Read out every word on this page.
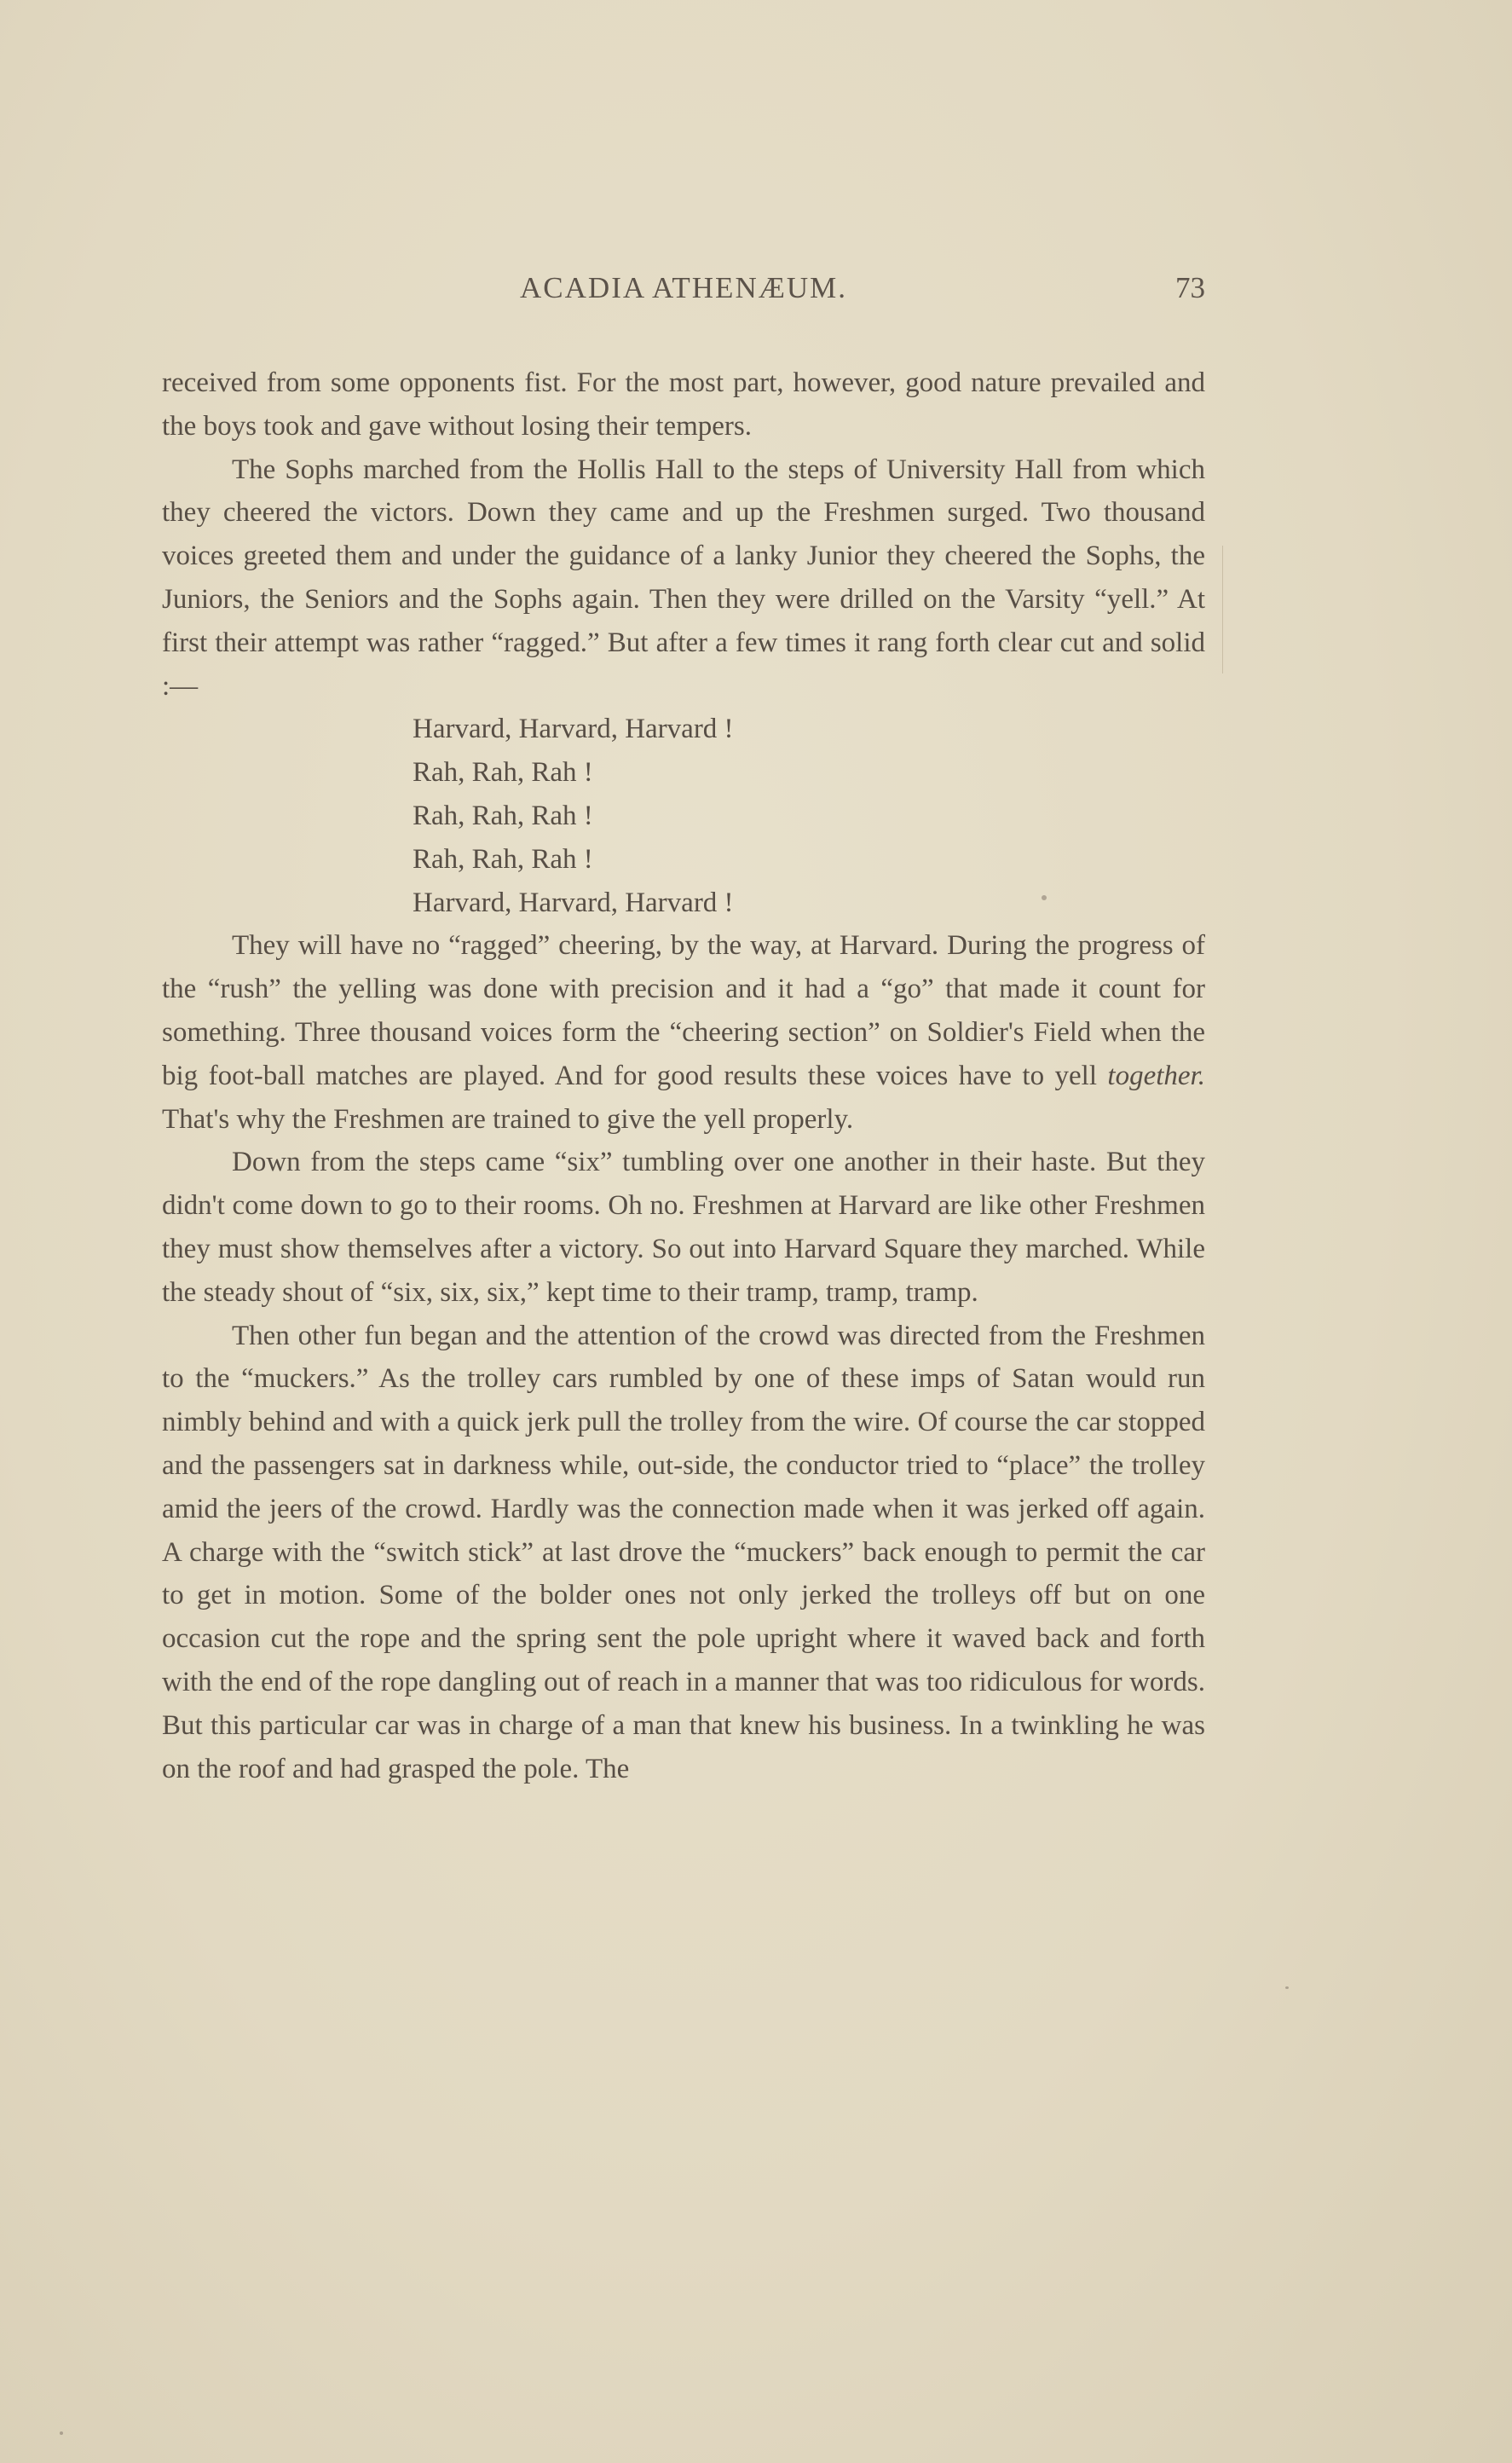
ACADIA ATHENÆUM.	73

received from some opponents fist. For the most part, however, good nature prevailed and the boys took and gave without losing their tempers.

The Sophs marched from the Hollis Hall to the steps of University Hall from which they cheered the victors. Down they came and up the Freshmen surged. Two thousand voices greeted them and under the guidance of a lanky Junior they cheered the Sophs, the Juniors, the Seniors and the Sophs again. Then they were drilled on the Varsity “yell.” At first their attempt was rather “ragged.” But after a few times it rang forth clear cut and solid :—

Harvard, Harvard, Harvard !
Rah, Rah, Rah !
Rah, Rah, Rah !
Rah, Rah, Rah !
Harvard, Harvard, Harvard !

They will have no “ragged” cheering, by the way, at Harvard. During the progress of the “rush” the yelling was done with precision and it had a “go” that made it count for something. Three thousand voices form the “cheering section” on Soldier's Field when the big foot-ball matches are played. And for good results these voices have to yell together. That's why the Freshmen are trained to give the yell properly.

Down from the steps came “six” tumbling over one another in their haste. But they didn't come down to go to their rooms. Oh no. Freshmen at Harvard are like other Freshmen they must show themselves after a victory. So out into Harvard Square they marched. While the steady shout of “six, six, six,” kept time to their tramp, tramp, tramp.

Then other fun began and the attention of the crowd was directed from the Freshmen to the “muckers.” As the trolley cars rumbled by one of these imps of Satan would run nimbly behind and with a quick jerk pull the trolley from the wire. Of course the car stopped and the passengers sat in darkness while, out-side, the conductor tried to “place” the trolley amid the jeers of the crowd. Hardly was the connection made when it was jerked off again. A charge with the “switch stick” at last drove the “muckers” back enough to permit the car to get in motion. Some of the bolder ones not only jerked the trolleys off but on one occasion cut the rope and the spring sent the pole upright where it waved back and forth with the end of the rope dangling out of reach in a manner that was too ridiculous for words. But this particular car was in charge of a man that knew his business. In a twinkling he was on the roof and had grasped the pole. The
